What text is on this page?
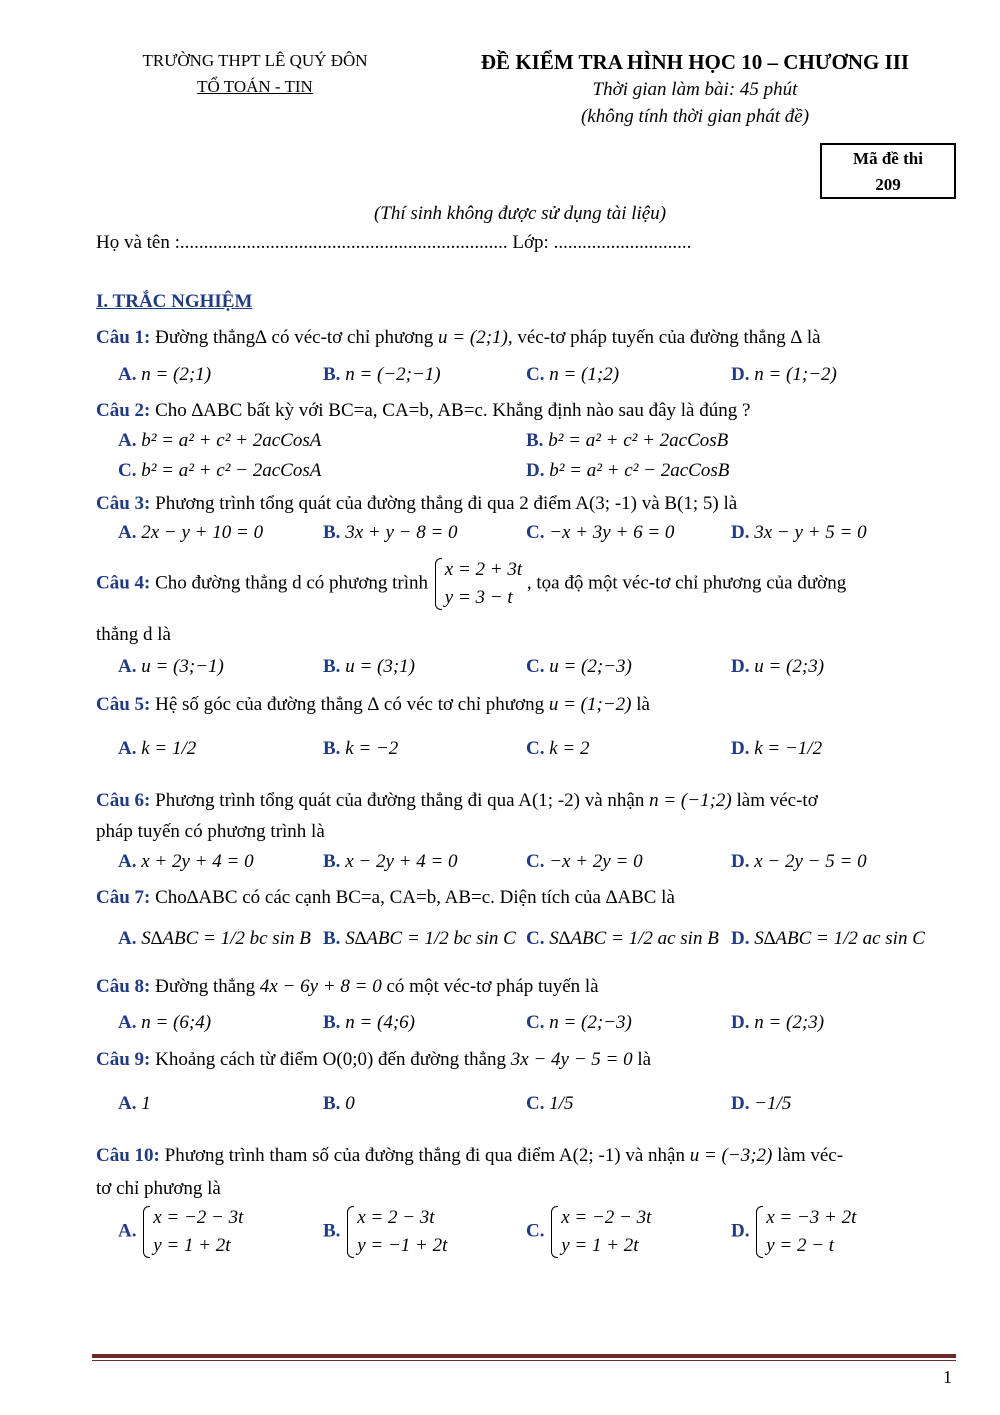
TRƯỜNG THPT LÊ QUÝ ĐÔN
TỔ TOÁN - TIN
ĐỀ KIỂM TRA HÌNH HỌC 10 – CHƯƠNG III
Thời gian làm bài: 45 phút
(không tính thời gian phát đề)
Mã đề thi
209
(Thí sinh không được sử dụng tài liệu)
Họ và tên :..................................................................... Lớp: .............................
I. TRẮC NGHIỆM
Câu 1: Đường thẳng∆ có véc-tơ chỉ phương u = (2;1), véc-tơ pháp tuyến của đường thẳng ∆ là
A. n = (2;1)	B. n = (−2;−1)	C. n = (1;2)	D. n = (1;−2)
Câu 2: Cho ∆ABC bất kỳ với BC=a, CA=b, AB=c. Khẳng định nào sau đây là đúng ?
A. b² = a² + c² + 2acCosA	B. b² = a² + c² + 2acCosB
C. b² = a² + c² − 2acCosA	D. b² = a² + c² − 2acCosB
Câu 3: Phương trình tổng quát của đường thẳng đi qua 2 điểm A(3; -1) và B(1; 5) là
A. 2x − y + 10 = 0	B. 3x + y − 8 = 0	C. −x + 3y + 6 = 0	D. 3x − y + 5 = 0
Câu 4: Cho đường thẳng d có phương trình
x = 2 + 3t
y = 3 − t
, tọa độ một véc-tơ chỉ phương của đường
thẳng d là
A. u = (3;−1)	B. u = (3;1)	C. u = (2;−3)	D. u = (2;3)
Câu 5: Hệ số góc của đường thẳng ∆ có véc tơ chỉ phương u = (1;−2) là
A. k = 1/2	B. k = −2	C. k = 2	D. k = −1/2
Câu 6: Phương trình tổng quát của đường thẳng đi qua A(1; -2) và nhận n = (−1;2) làm véc-tơ
pháp tuyến có phương trình là
A. x + 2y + 4 = 0	B. x − 2y + 4 = 0	C. −x + 2y = 0	D. x − 2y − 5 = 0
Câu 7: Cho∆ABC có các cạnh BC=a, CA=b, AB=c. Diện tích của ∆ABC là
A. S∆ABC = 1/2 bc sin B B. S∆ABC = 1/2 bc sin C C. S∆ABC = 1/2 ac sin B D. S∆ABC = 1/2 ac sin C
Câu 8: Đường thẳng 4x − 6y + 8 = 0 có một véc-tơ pháp tuyến là
A. n = (6;4)	B. n = (4;6)	C. n = (2;−3)	D. n = (2;3)
Câu 9: Khoảng cách từ điểm O(0;0) đến đường thẳng 3x − 4y − 5 = 0 là
A. 1	B. 0	C. 1/5	D. −1/5
Câu 10: Phương trình tham số của đường thẳng đi qua điểm A(2; -1) và nhận u = (−3;2) làm véc-
tơ chỉ phương là
A.
x = −2 − 3t
y = 1 + 2t
B.
x = 2 − 3t
y = −1 + 2t
C.
x = −2 − 3t
y = 1 + 2t
D.
x = −3 + 2t
y = 2 − t
1
